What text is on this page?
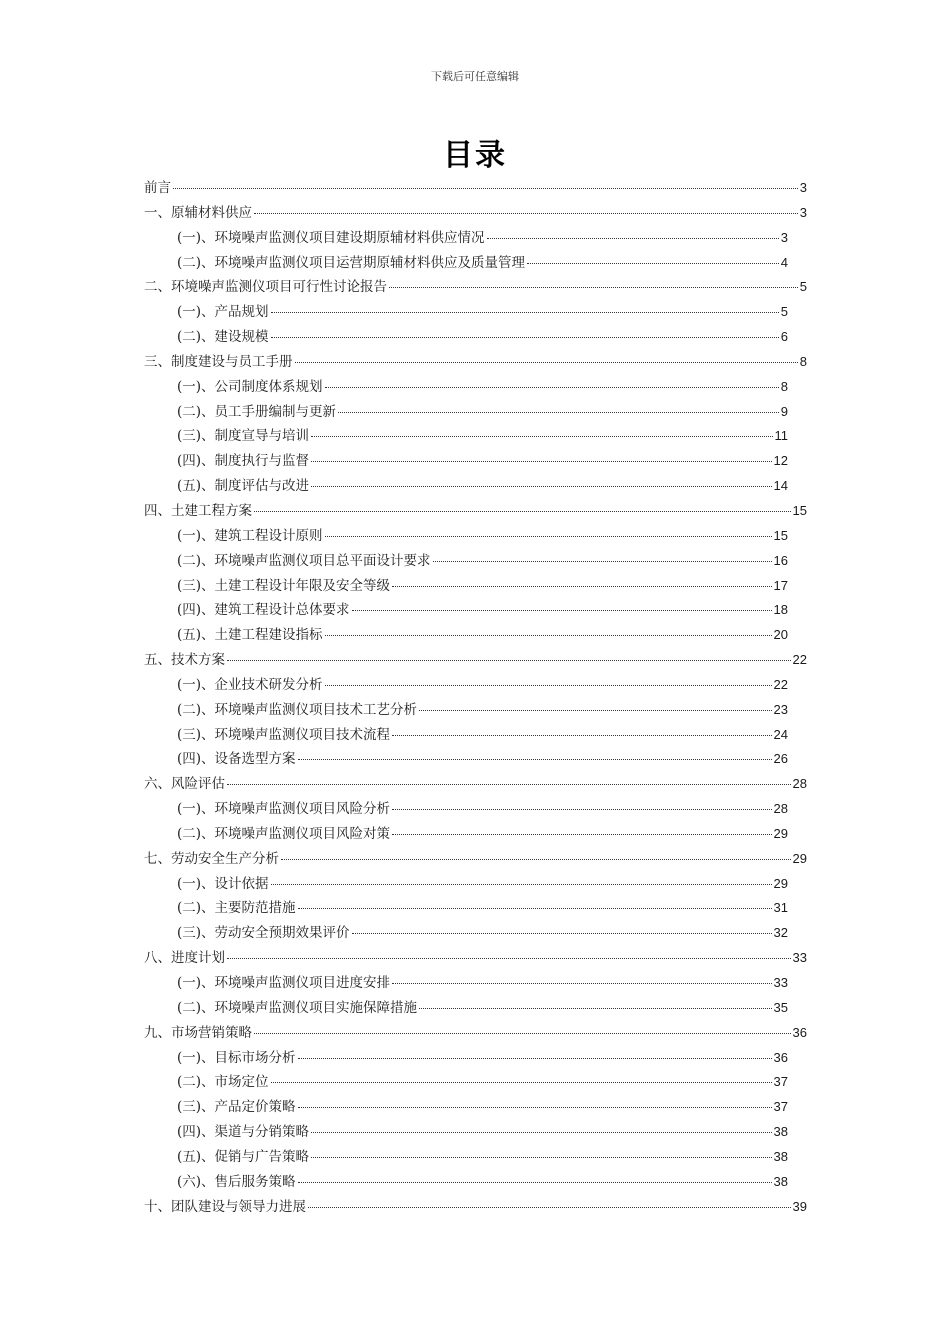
下载后可任意编辑
目录
前言	3
一、原辅材料供应	3
(一)、环境噪声监测仪项目建设期原辅材料供应情况	3
(二)、环境噪声监测仪项目运营期原辅材料供应及质量管理	4
二、环境噪声监测仪项目可行性讨论报告	5
(一)、产品规划	5
(二)、建设规模	6
三、制度建设与员工手册	8
(一)、公司制度体系规划	8
(二)、员工手册编制与更新	9
(三)、制度宣导与培训	11
(四)、制度执行与监督	12
(五)、制度评估与改进	14
四、土建工程方案	15
(一)、建筑工程设计原则	15
(二)、环境噪声监测仪项目总平面设计要求	16
(三)、土建工程设计年限及安全等级	17
(四)、建筑工程设计总体要求	18
(五)、土建工程建设指标	20
五、技术方案	22
(一)、企业技术研发分析	22
(二)、环境噪声监测仪项目技术工艺分析	23
(三)、环境噪声监测仪项目技术流程	24
(四)、设备选型方案	26
六、风险评估	28
(一)、环境噪声监测仪项目风险分析	28
(二)、环境噪声监测仪项目风险对策	29
七、劳动安全生产分析	29
(一)、设计依据	29
(二)、主要防范措施	31
(三)、劳动安全预期效果评价	32
八、进度计划	33
(一)、环境噪声监测仪项目进度安排	33
(二)、环境噪声监测仪项目实施保障措施	35
九、市场营销策略	36
(一)、目标市场分析	36
(二)、市场定位	37
(三)、产品定价策略	37
(四)、渠道与分销策略	38
(五)、促销与广告策略	38
(六)、售后服务策略	38
十、团队建设与领导力进展	39
